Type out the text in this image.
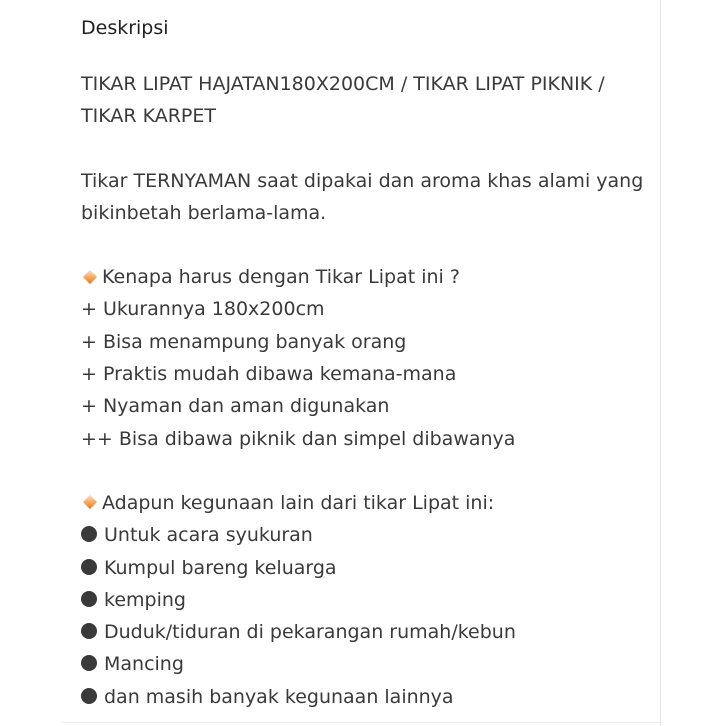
Deskripsi
TIKAR LIPAT HAJATAN180X200CM / TIKAR LIPAT PIKNIK /
TIKAR KARPET
Tikar TERNYAMAN saat dipakai dan aroma khas alami yang
bikinbetah berlama-lama.
Kenapa harus dengan Tikar Lipat ini ?
+ Ukurannya 180x200cm
+ Bisa menampung banyak orang
+ Praktis mudah dibawa kemana-mana
+ Nyaman dan aman digunakan
++ Bisa dibawa piknik dan simpel dibawanya
Adapun kegunaan lain dari tikar Lipat ini:
Untuk acara syukuran
Kumpul bareng keluarga
kemping
Duduk/tiduran di pekarangan rumah/kebun
Mancing
dan masih banyak kegunaan lainnya
